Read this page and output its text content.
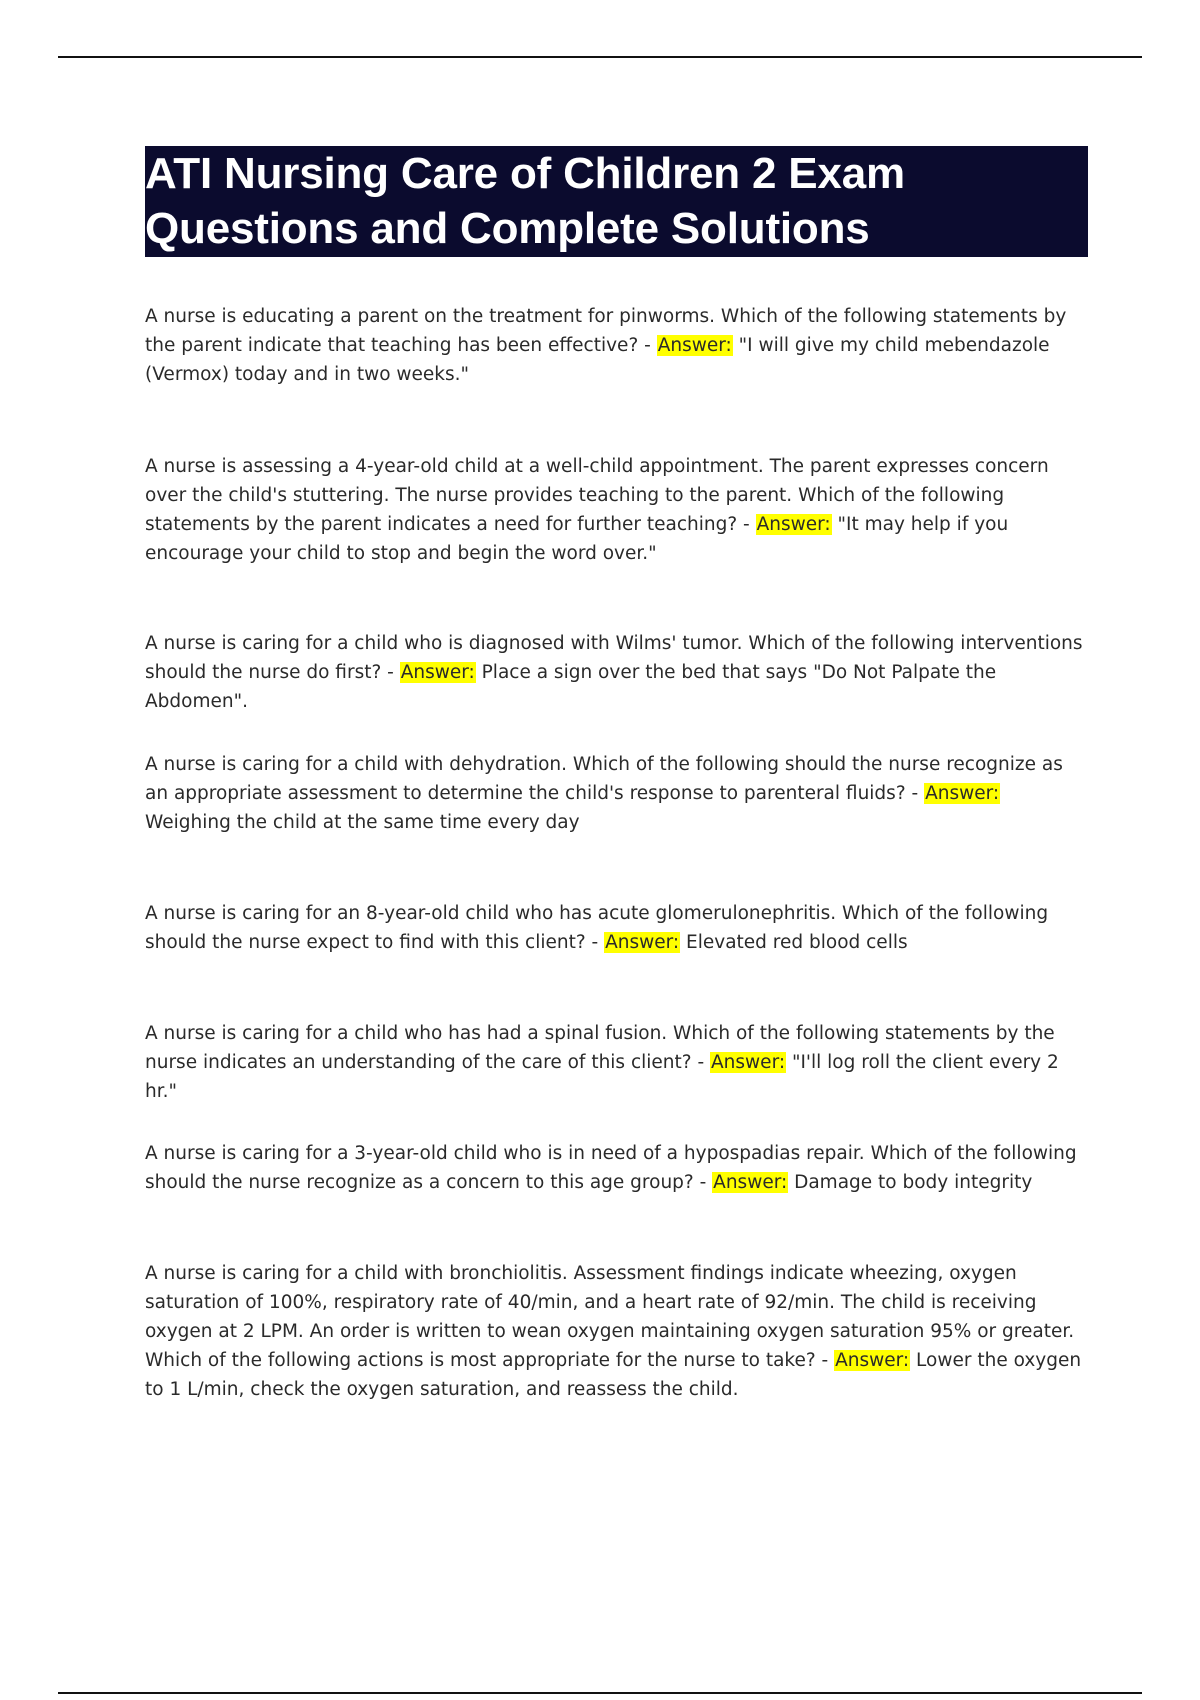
ATI Nursing Care of Children 2 Exam
Questions and Complete Solutions
A nurse is educating a parent on the treatment for pinworms. Which of the following statements by the parent indicate that teaching has been effective? - Answer: "I will give my child mebendazole (Vermox) today and in two weeks."
A nurse is assessing a 4-year-old child at a well-child appointment. The parent expresses concern over the child's stuttering. The nurse provides teaching to the parent. Which of the following statements by the parent indicates a need for further teaching? - Answer: "It may help if you encourage your child to stop and begin the word over."
A nurse is caring for a child who is diagnosed with Wilms' tumor. Which of the following interventions should the nurse do first? - Answer: Place a sign over the bed that says "Do Not Palpate the Abdomen".
A nurse is caring for a child with dehydration. Which of the following should the nurse recognize as an appropriate assessment to determine the child's response to parenteral fluids? - Answer: Weighing the child at the same time every day
A nurse is caring for an 8-year-old child who has acute glomerulonephritis. Which of the following should the nurse expect to find with this client? - Answer: Elevated red blood cells
A nurse is caring for a child who has had a spinal fusion. Which of the following statements by the nurse indicates an understanding of the care of this client? - Answer: "I'll log roll the client every 2 hr."
A nurse is caring for a 3-year-old child who is in need of a hypospadias repair. Which of the following should the nurse recognize as a concern to this age group? - Answer: Damage to body integrity
A nurse is caring for a child with bronchiolitis. Assessment findings indicate wheezing, oxygen saturation of 100%, respiratory rate of 40/min, and a heart rate of 92/min. The child is receiving oxygen at 2 LPM. An order is written to wean oxygen maintaining oxygen saturation 95% or greater. Which of the following actions is most appropriate for the nurse to take? - Answer: Lower the oxygen to 1 L/min, check the oxygen saturation, and reassess the child.
